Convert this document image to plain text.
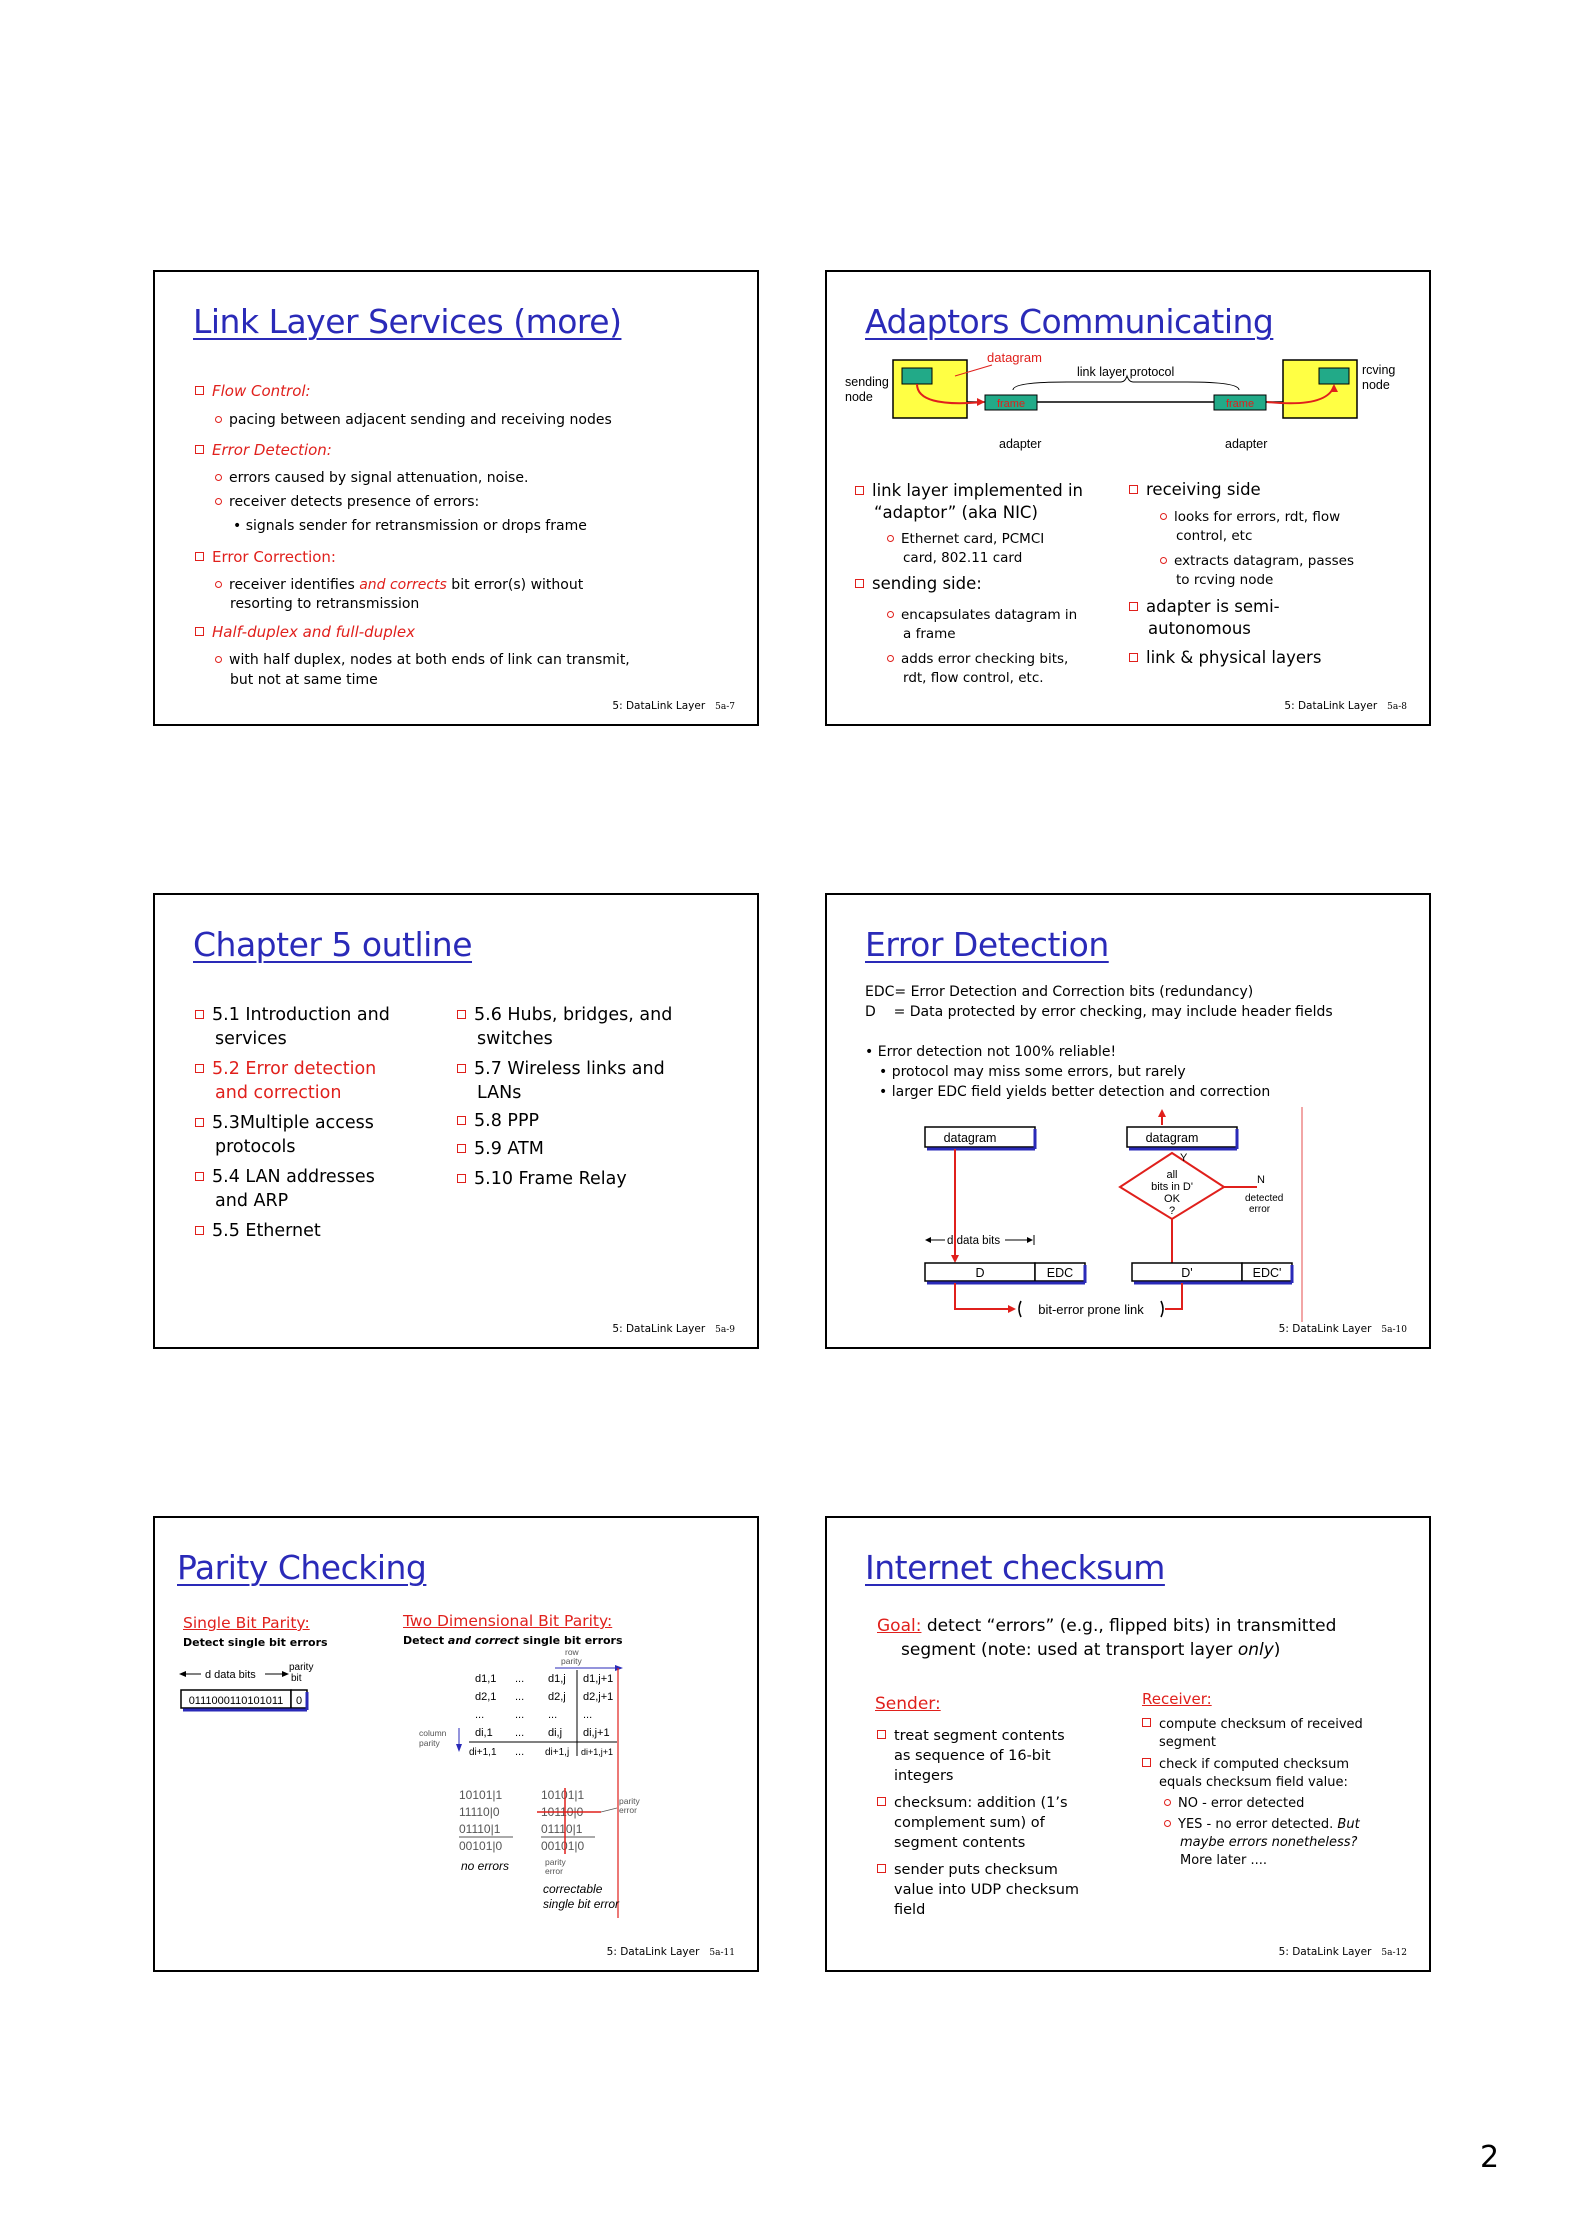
Link Layer Services (more)
Flow Control:
pacing between adjacent sending and receiving nodes
Error Detection:
errors caused by signal attenuation, noise.
receiver detects presence of errors:
• signals sender for retransmission or drops frame
Error Correction:
receiver identifies and corrects bit error(s) without
resorting to retransmission
Half-duplex and full-duplex
with half duplex, nodes at both ends of link can transmit,
but not at same time
5: DataLink Layer 5a-7
Adaptors Communicating
frame	frame
datagram
link layer protocol
sending
node
rcving
node
adapter	adapter
link layer implemented in
“adaptor” (aka NIC)
Ethernet card, PCMCI
card, 802.11 card
sending side:
encapsulates datagram in
a frame
adds error checking bits,
rdt, flow control, etc.
receiving side
looks for errors, rdt, flow
control, etc
extracts datagram, passes
to rcving node
adapter is semi-
autonomous
link & physical layers
5: DataLink Layer 5a-8
Chapter 5 outline
5.1 Introduction and
services
5.2 Error detection
and correction
5.3Multiple access
protocols
5.4 LAN addresses
and ARP
5.5 Ethernet
5.6 Hubs, bridges, and
switches
5.7 Wireless links and
LANs
5.8 PPP
5.9 ATM
5.10 Frame Relay
5: DataLink Layer 5a-9
Error Detection
EDC= Error Detection and Correction bits (redundancy)
D    = Data protected by error checking, may include header fields
• Error detection not 100% reliable!
• protocol may miss some errors, but rarely
• larger EDC field yields better detection and correction
datagram	datagram
Y
all
bits in D'
OK
?
N
detected
error
d data bits
D	EDC	D'	EDC'
bit-error prone link
5: DataLink Layer 5a-10
Parity Checking
Single Bit Parity:
Detect single bit errors
d data bits
parity
bit
0111000110101011 0
Two Dimensional Bit Parity:
Detect and correct single bit errors
row
parity
d1,1 ... d1,j d1,j+1
d2,1 ... d2,j d2,j+1
...	... ... ...
di,1 ... di,j di,j+1
di+1,1 ... di+1,j di+1,j+1
column
parity
10101|1
11110|0
01110|1
00101|0
no errors
10101|1
10110|0
01110|1
00101|0
parity
error
parity
error
correctable
single bit error
5: DataLink Layer 5a-11
Internet checksum
Goal: detect “errors” (e.g., flipped bits) in transmitted
segment (note: used at transport layer only)
Sender:
treat segment contents
as sequence of 16-bit
integers
checksum: addition (1’s
complement sum) of
segment contents
sender puts checksum
value into UDP checksum
field
Receiver:
compute checksum of received
segment
check if computed checksum
equals checksum field value:
NO - error detected
YES - no error detected. But
maybe errors nonetheless?
More later ....
5: DataLink Layer 5a-12
2
